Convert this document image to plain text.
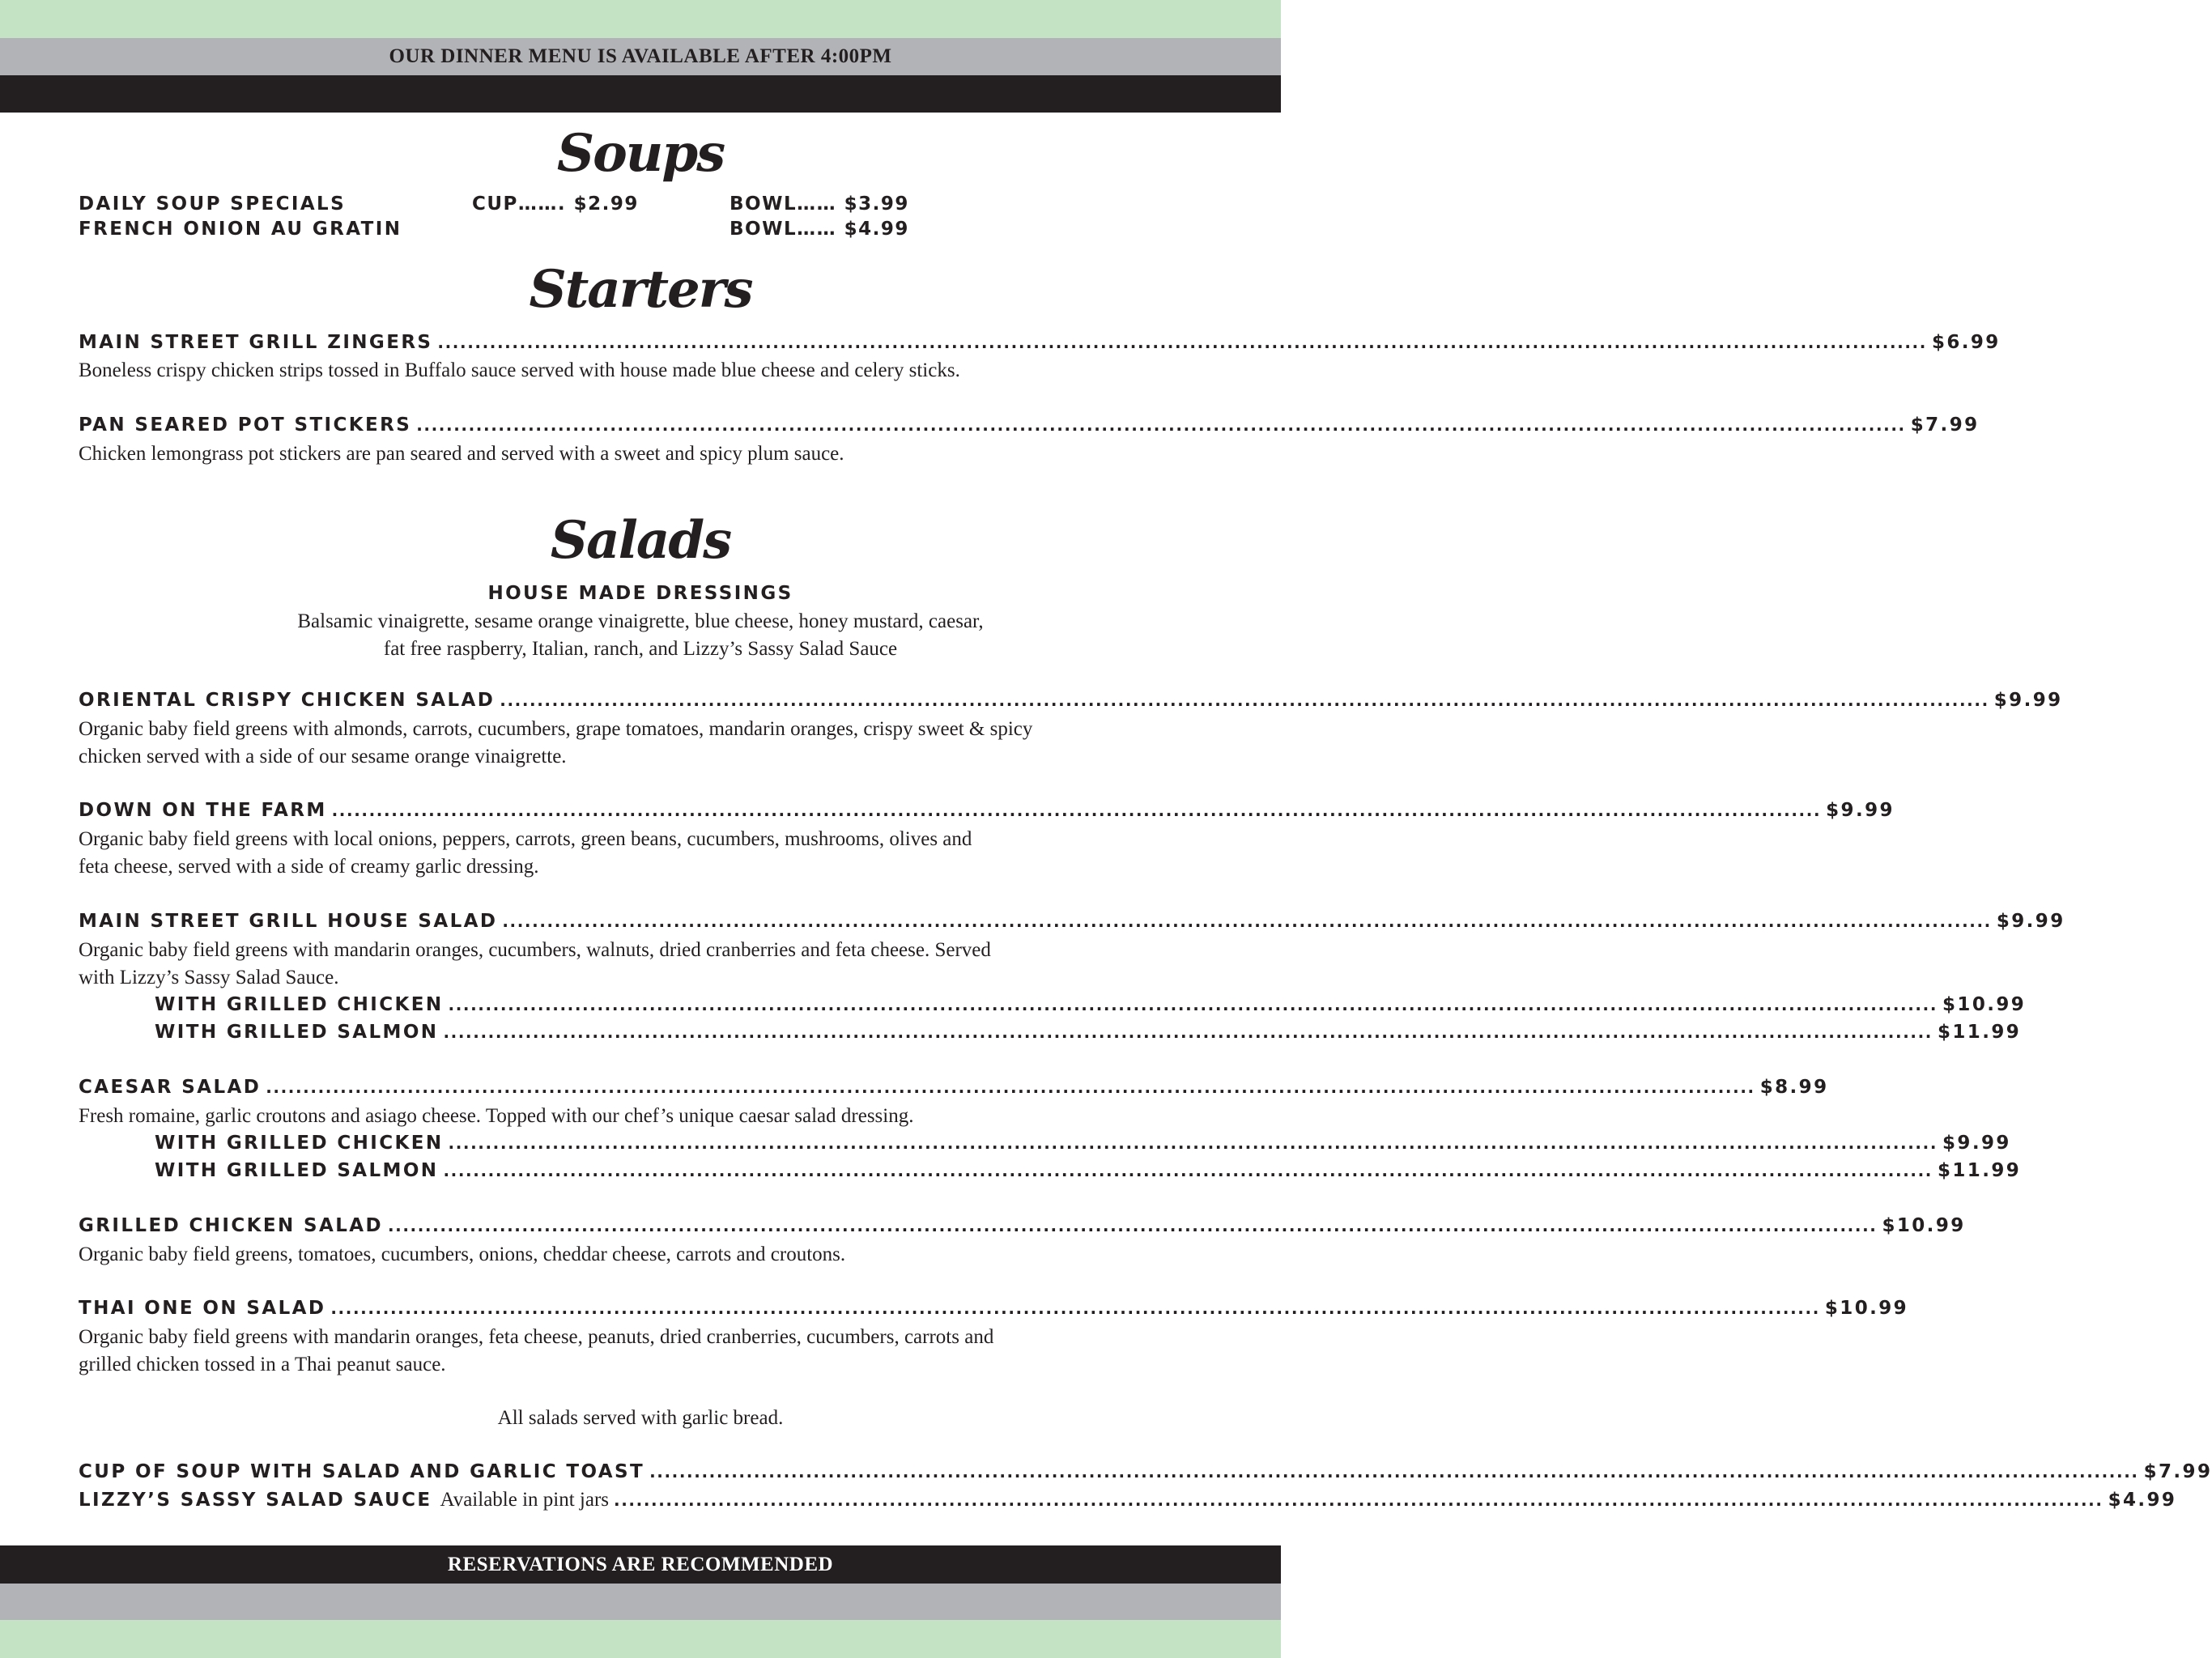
OUR DINNER MENU IS AVAILABLE AFTER 4:00PM
Soups
DAILY SOUP SPECIALS	CUP……. $2.99	BOWL…… $3.99
FRENCH ONION AU GRATIN	BOWL…… $4.99
Starters
MAIN STREET GRILL ZINGERS ........................................................................................................................................................................................................ $6.99
Boneless crispy chicken strips tossed in Buffalo sauce served with house made blue cheese and celery sticks.
PAN SEARED POT STICKERS ........................................................................................................................................................................................................ $7.99
Chicken lemongrass pot stickers are pan seared and served with a sweet and spicy plum sauce.
Salads
HOUSE MADE DRESSINGS
Balsamic vinaigrette, sesame orange vinaigrette, blue cheese, honey mustard, caesar,
fat free raspberry, Italian, ranch, and Lizzy’s Sassy Salad Sauce
ORIENTAL CRISPY CHICKEN SALAD ........................................................................................................................................................................................................ $9.99
Organic baby field greens with almonds, carrots, cucumbers, grape tomatoes, mandarin oranges, crispy sweet & spicy
chicken served with a side of our sesame orange vinaigrette.
DOWN ON THE FARM ........................................................................................................................................................................................................ $9.99
Organic baby field greens with local onions, peppers, carrots, green beans, cucumbers, mushrooms, olives and
feta cheese, served with a side of creamy garlic dressing.
MAIN STREET GRILL HOUSE SALAD ........................................................................................................................................................................................................ $9.99
Organic baby field greens with mandarin oranges, cucumbers, walnuts, dried cranberries and feta cheese. Served
with Lizzy’s Sassy Salad Sauce.
WITH GRILLED CHICKEN ........................................................................................................................................................................................................ $10.99
WITH GRILLED SALMON ........................................................................................................................................................................................................ $11.99
CAESAR SALAD ........................................................................................................................................................................................................ $8.99
Fresh romaine, garlic croutons and asiago cheese. Topped with our chef’s unique caesar salad dressing.
WITH GRILLED CHICKEN ........................................................................................................................................................................................................ $9.99
WITH GRILLED SALMON ........................................................................................................................................................................................................ $11.99
GRILLED CHICKEN SALAD ........................................................................................................................................................................................................ $10.99
Organic baby field greens, tomatoes, cucumbers, onions, cheddar cheese, carrots and croutons.
THAI ONE ON SALAD ........................................................................................................................................................................................................ $10.99
Organic baby field greens with mandarin oranges, feta cheese, peanuts, dried cranberries, cucumbers, carrots and
grilled chicken tossed in a Thai peanut sauce.
All salads served with garlic bread.
CUP OF SOUP WITH SALAD AND GARLIC TOAST ........................................................................................................................................................................................................ $7.99
LIZZY’S SASSY SALAD SAUCE Available in pint jars ........................................................................................................................................................................................................ $4.99
RESERVATIONS ARE RECOMMENDED
